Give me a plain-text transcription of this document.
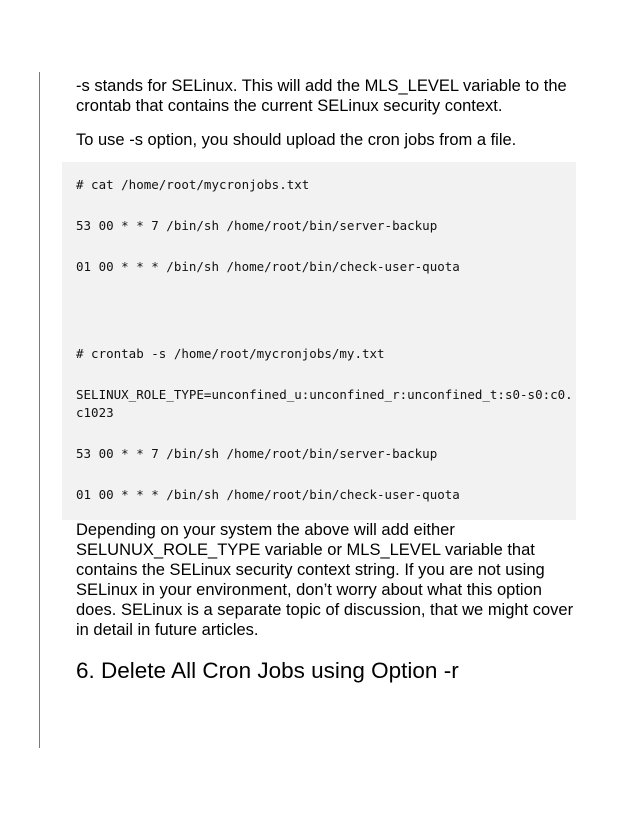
-s stands for SELinux. This will add the MLS_LEVEL variable to the crontab that contains the current SELinux security context.

To use -s option, you should upload the cron jobs from a file.

# cat /home/root/mycronjobs.txt
53 00 * * 7 /bin/sh /home/root/bin/server-backup
01 00 * * * /bin/sh /home/root/bin/check-user-quota
# crontab -s /home/root/mycronjobs/my.txt
SELINUX_ROLE_TYPE=unconfined_u:unconfined_r:unconfined_t:s0-s0:c0.c1023
53 00 * * 7 /bin/sh /home/root/bin/server-backup
01 00 * * * /bin/sh /home/root/bin/check-user-quota

Depending on your system the above will add either SELUNUX_ROLE_TYPE variable or MLS_LEVEL variable that contains the SELinux security context string. If you are not using SELinux in your environment, don’t worry about what this option does. SELinux is a separate topic of discussion, that we might cover in detail in future articles.

6. Delete All Cron Jobs using Option -r
